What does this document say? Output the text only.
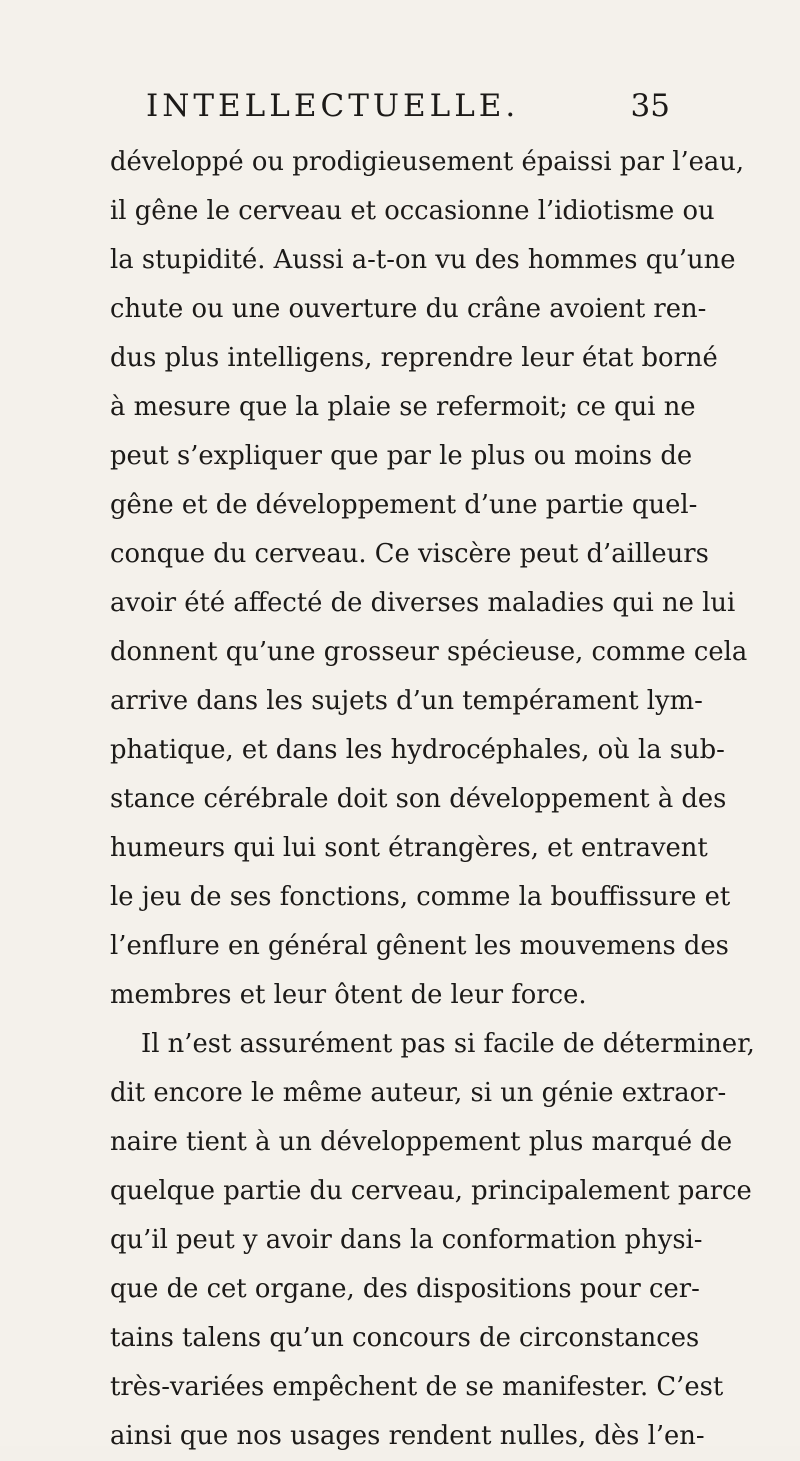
INTELLECTUELLE.	35
développé ou prodigieusement épaissi par l’eau,
il gêne le cerveau et occasionne l’idiotisme ou
la stupidité. Aussi a-t-on vu des hommes qu’une
chute ou une ouverture du crâne avoient ren-
dus plus intelligens, reprendre leur état borné
à mesure que la plaie se refermoit; ce qui ne
peut s’expliquer que par le plus ou moins de
gêne et de développement d’une partie quel-
conque du cerveau. Ce viscère peut d’ailleurs
avoir été affecté de diverses maladies qui ne lui
donnent qu’une grosseur spécieuse, comme cela
arrive dans les sujets d’un tempérament lym-
phatique, et dans les hydrocéphales, où la sub-
stance cérébrale doit son développement à des
humeurs qui lui sont étrangères, et entravent
le jeu de ses fonctions, comme la bouffissure et
l’enflure en général gênent les mouvemens des
membres et leur ôtent de leur force.
Il n’est assurément pas si facile de déterminer,
dit encore le même auteur, si un génie extraor-
naire tient à un développement plus marqué de
quelque partie du cerveau, principalement parce
qu’il peut y avoir dans la conformation physi-
que de cet organe, des dispositions pour cer-
tains talens qu’un concours de circonstances
très-variées empêchent de se manifester. C’est
ainsi que nos usages rendent nulles, dès l’en-
